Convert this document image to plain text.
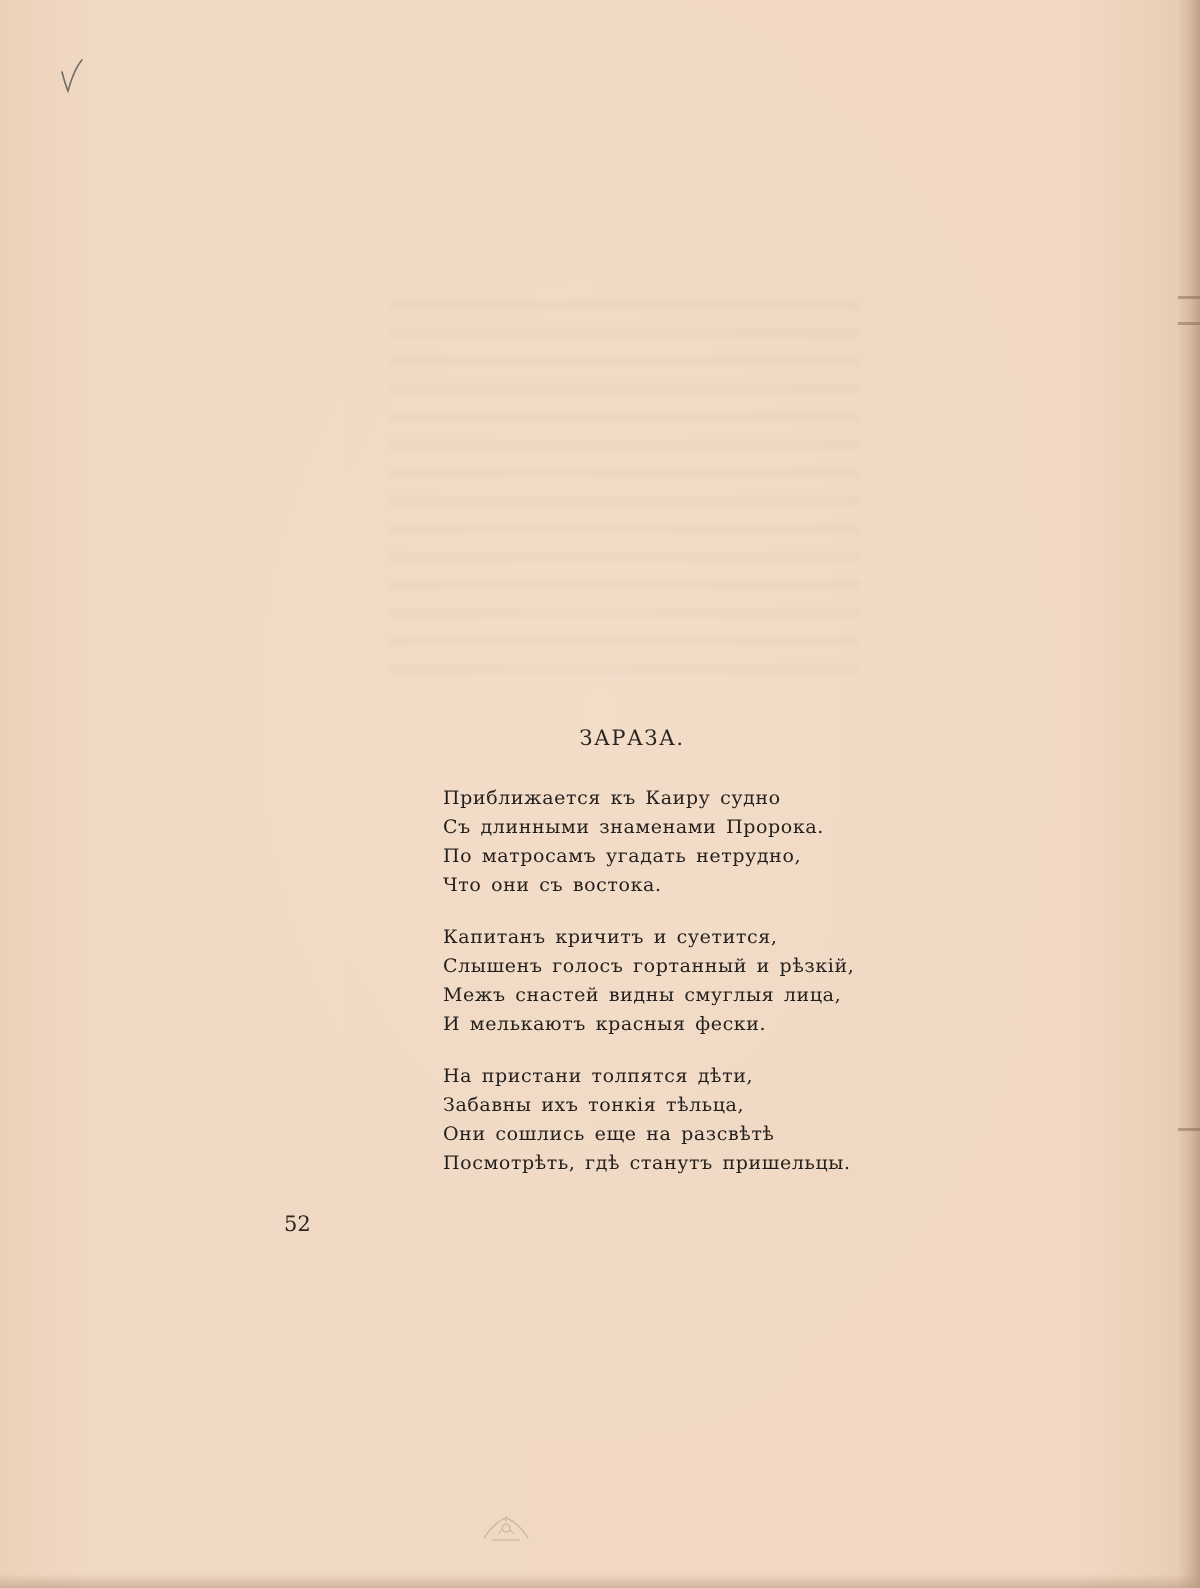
ЗАРАЗА.
Приближается къ Каиру судно
Съ длинными знаменами Пророка.
По матросамъ угадать нетрудно,
Что они съ востока.
Капитанъ кричитъ и суетится,
Слышенъ голосъ гортанный и рѣзкій,
Межъ снастей видны смуглыя лица,
И мелькаютъ красныя фески.
На пристани толпятся дѣти,
Забавны ихъ тонкія тѣльца,
Они сошлись еще на разсвѣтѣ
Посмотрѣть, гдѣ станутъ пришельцы.
52
